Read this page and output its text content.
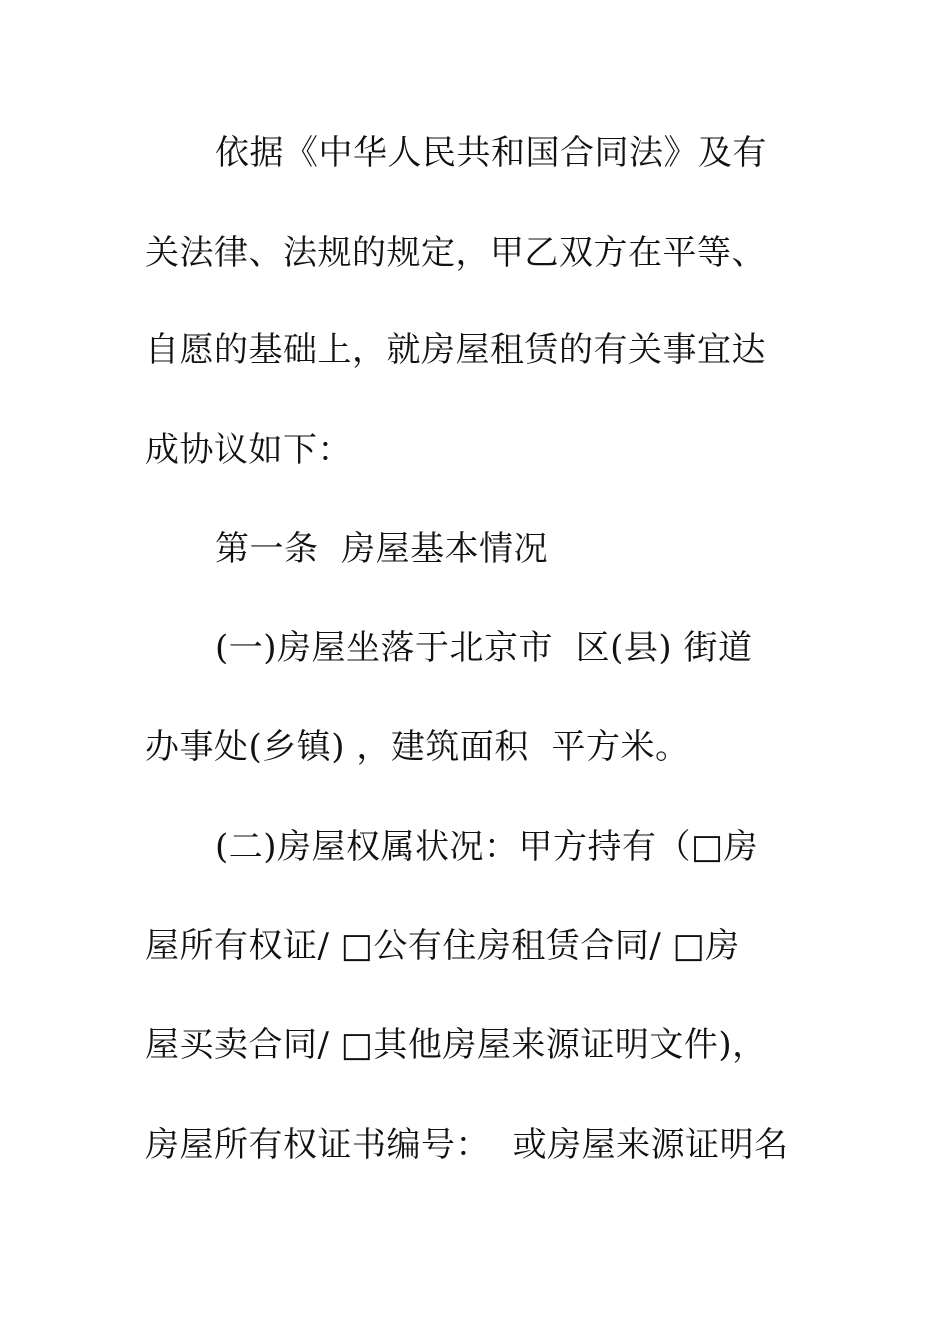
依据《中华人民共和国合同法》及有
关法律、法规的规定，甲乙双方在平等、
自愿的基础上，就房屋租赁的有关事宜达
成协议如下：
第一条  房屋基本情况
(一)房屋坐落于北京市  区(县) 街道
办事处(乡镇) ，建筑面积  平方米。
(二)房屋权属状况：甲方持有（□房
屋所有权证/ □公有住房租赁合同/ □房
屋买卖合同/ □其他房屋来源证明文件)，
房屋所有权证书编号：  或房屋来源证明名
